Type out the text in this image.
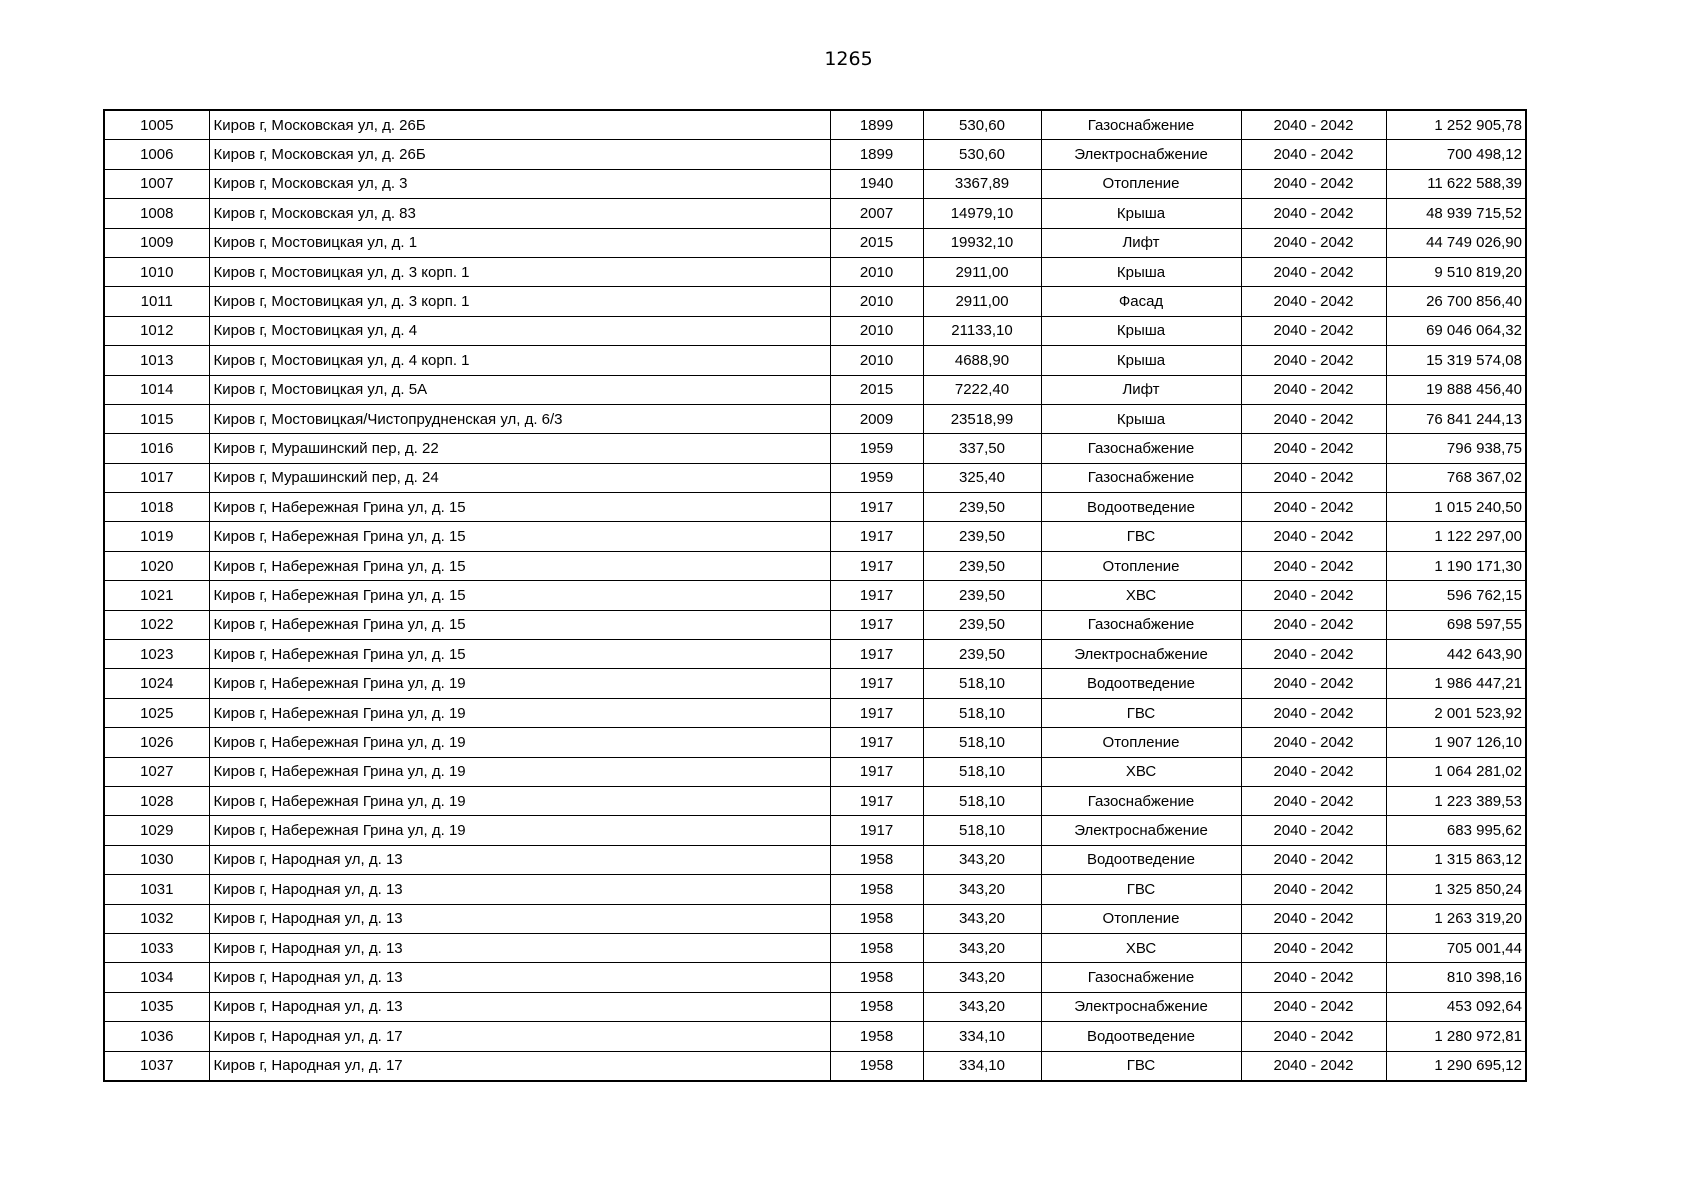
1265
1005	Киров г, Московская ул, д. 26Б	1899	530,60	Газоснабжение	2040 - 2042	1 252 905,78
1006	Киров г, Московская ул, д. 26Б	1899	530,60	Электроснабжение	2040 - 2042	700 498,12
1007	Киров г, Московская ул, д. 3	1940	3367,89	Отопление	2040 - 2042	11 622 588,39
1008	Киров г, Московская ул, д. 83	2007	14979,10	Крыша	2040 - 2042	48 939 715,52
1009	Киров г, Мостовицкая ул, д. 1	2015	19932,10	Лифт	2040 - 2042	44 749 026,90
1010	Киров г, Мостовицкая ул, д. 3 корп. 1	2010	2911,00	Крыша	2040 - 2042	9 510 819,20
1011	Киров г, Мостовицкая ул, д. 3 корп. 1	2010	2911,00	Фасад	2040 - 2042	26 700 856,40
1012	Киров г, Мостовицкая ул, д. 4	2010	21133,10	Крыша	2040 - 2042	69 046 064,32
1013	Киров г, Мостовицкая ул, д. 4 корп. 1	2010	4688,90	Крыша	2040 - 2042	15 319 574,08
1014	Киров г, Мостовицкая ул, д. 5А	2015	7222,40	Лифт	2040 - 2042	19 888 456,40
1015	Киров г, Мостовицкая/Чистопрудненская ул, д. 6/3	2009	23518,99	Крыша	2040 - 2042	76 841 244,13
1016	Киров г, Мурашинский пер, д. 22	1959	337,50	Газоснабжение	2040 - 2042	796 938,75
1017	Киров г, Мурашинский пер, д. 24	1959	325,40	Газоснабжение	2040 - 2042	768 367,02
1018	Киров г, Набережная Грина ул, д. 15	1917	239,50	Водоотведение	2040 - 2042	1 015 240,50
1019	Киров г, Набережная Грина ул, д. 15	1917	239,50	ГВС	2040 - 2042	1 122 297,00
1020	Киров г, Набережная Грина ул, д. 15	1917	239,50	Отопление	2040 - 2042	1 190 171,30
1021	Киров г, Набережная Грина ул, д. 15	1917	239,50	ХВС	2040 - 2042	596 762,15
1022	Киров г, Набережная Грина ул, д. 15	1917	239,50	Газоснабжение	2040 - 2042	698 597,55
1023	Киров г, Набережная Грина ул, д. 15	1917	239,50	Электроснабжение	2040 - 2042	442 643,90
1024	Киров г, Набережная Грина ул, д. 19	1917	518,10	Водоотведение	2040 - 2042	1 986 447,21
1025	Киров г, Набережная Грина ул, д. 19	1917	518,10	ГВС	2040 - 2042	2 001 523,92
1026	Киров г, Набережная Грина ул, д. 19	1917	518,10	Отопление	2040 - 2042	1 907 126,10
1027	Киров г, Набережная Грина ул, д. 19	1917	518,10	ХВС	2040 - 2042	1 064 281,02
1028	Киров г, Набережная Грина ул, д. 19	1917	518,10	Газоснабжение	2040 - 2042	1 223 389,53
1029	Киров г, Набережная Грина ул, д. 19	1917	518,10	Электроснабжение	2040 - 2042	683 995,62
1030	Киров г, Народная ул, д. 13	1958	343,20	Водоотведение	2040 - 2042	1 315 863,12
1031	Киров г, Народная ул, д. 13	1958	343,20	ГВС	2040 - 2042	1 325 850,24
1032	Киров г, Народная ул, д. 13	1958	343,20	Отопление	2040 - 2042	1 263 319,20
1033	Киров г, Народная ул, д. 13	1958	343,20	ХВС	2040 - 2042	705 001,44
1034	Киров г, Народная ул, д. 13	1958	343,20	Газоснабжение	2040 - 2042	810 398,16
1035	Киров г, Народная ул, д. 13	1958	343,20	Электроснабжение	2040 - 2042	453 092,64
1036	Киров г, Народная ул, д. 17	1958	334,10	Водоотведение	2040 - 2042	1 280 972,81
1037	Киров г, Народная ул, д. 17	1958	334,10	ГВС	2040 - 2042	1 290 695,12
